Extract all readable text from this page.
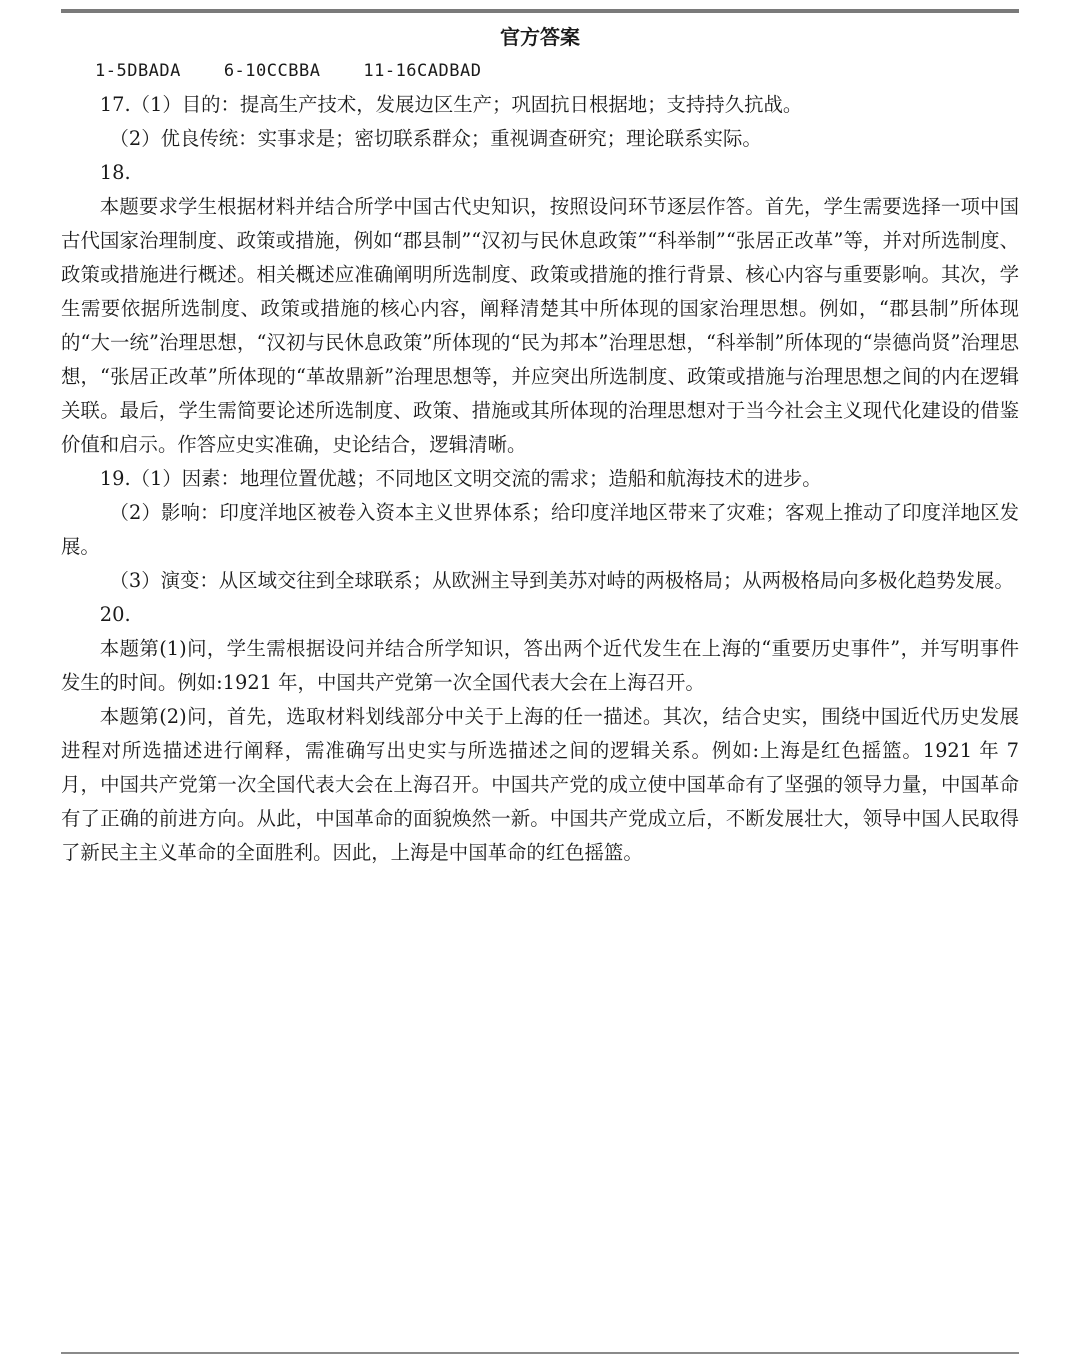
官方答案

1-5DBADA    6-10CCBBA    11-16CADBAD

17.（1）目的：提高生产技术，发展边区生产；巩固抗日根据地；支持持久抗战。

（2）优良传统：实事求是；密切联系群众；重视调查研究；理论联系实际。

18.

本题要求学生根据材料并结合所学中国古代史知识，按照设问环节逐层作答。首先，学生需要选择一项中国古代国家治理制度、政策或措施，例如“郡县制”“汉初与民休息政策”“科举制”“张居正改革”等，并对所选制度、政策或措施进行概述。相关概述应准确阐明所选制度、政策或措施的推行背景、核心内容与重要影响。其次，学生需要依据所选制度、政策或措施的核心内容，阐释清楚其中所体现的国家治理思想。例如，“郡县制”所体现的“大一统”治理思想，“汉初与民休息政策”所体现的“民为邦本”治理思想，“科举制”所体现的“崇德尚贤”治理思想，“张居正改革”所体现的“革故鼎新”治理思想等，并应突出所选制度、政策或措施与治理思想之间的内在逻辑关联。最后，学生需简要论述所选制度、政策、措施或其所体现的治理思想对于当今社会主义现代化建设的借鉴价值和启示。作答应史实准确，史论结合，逻辑清晰。

19.（1）因素：地理位置优越；不同地区文明交流的需求；造船和航海技术的进步。

（2）影响：印度洋地区被卷入资本主义世界体系；给印度洋地区带来了灾难；客观上推动了印度洋地区发展。

（3）演变：从区域交往到全球联系；从欧洲主导到美苏对峙的两极格局；从两极格局向多极化趋势发展。

20.

本题第(1)问，学生需根据设问并结合所学知识，答出两个近代发生在上海的“重要历史事件”，并写明事件发生的时间。例如:1921 年，中国共产党第一次全国代表大会在上海召开。

本题第(2)问，首先，选取材料划线部分中关于上海的任一描述。其次，结合史实，围绕中国近代历史发展进程对所选描述进行阐释，需准确写出史实与所选描述之间的逻辑关系。例如:上海是红色摇篮。1921 年 7 月，中国共产党第一次全国代表大会在上海召开。中国共产党的成立使中国革命有了坚强的领导力量，中国革命有了正确的前进方向。从此，中国革命的面貌焕然一新。中国共产党成立后，不断发展壮大，领导中国人民取得了新民主主义革命的全面胜利。因此，上海是中国革命的红色摇篮。
